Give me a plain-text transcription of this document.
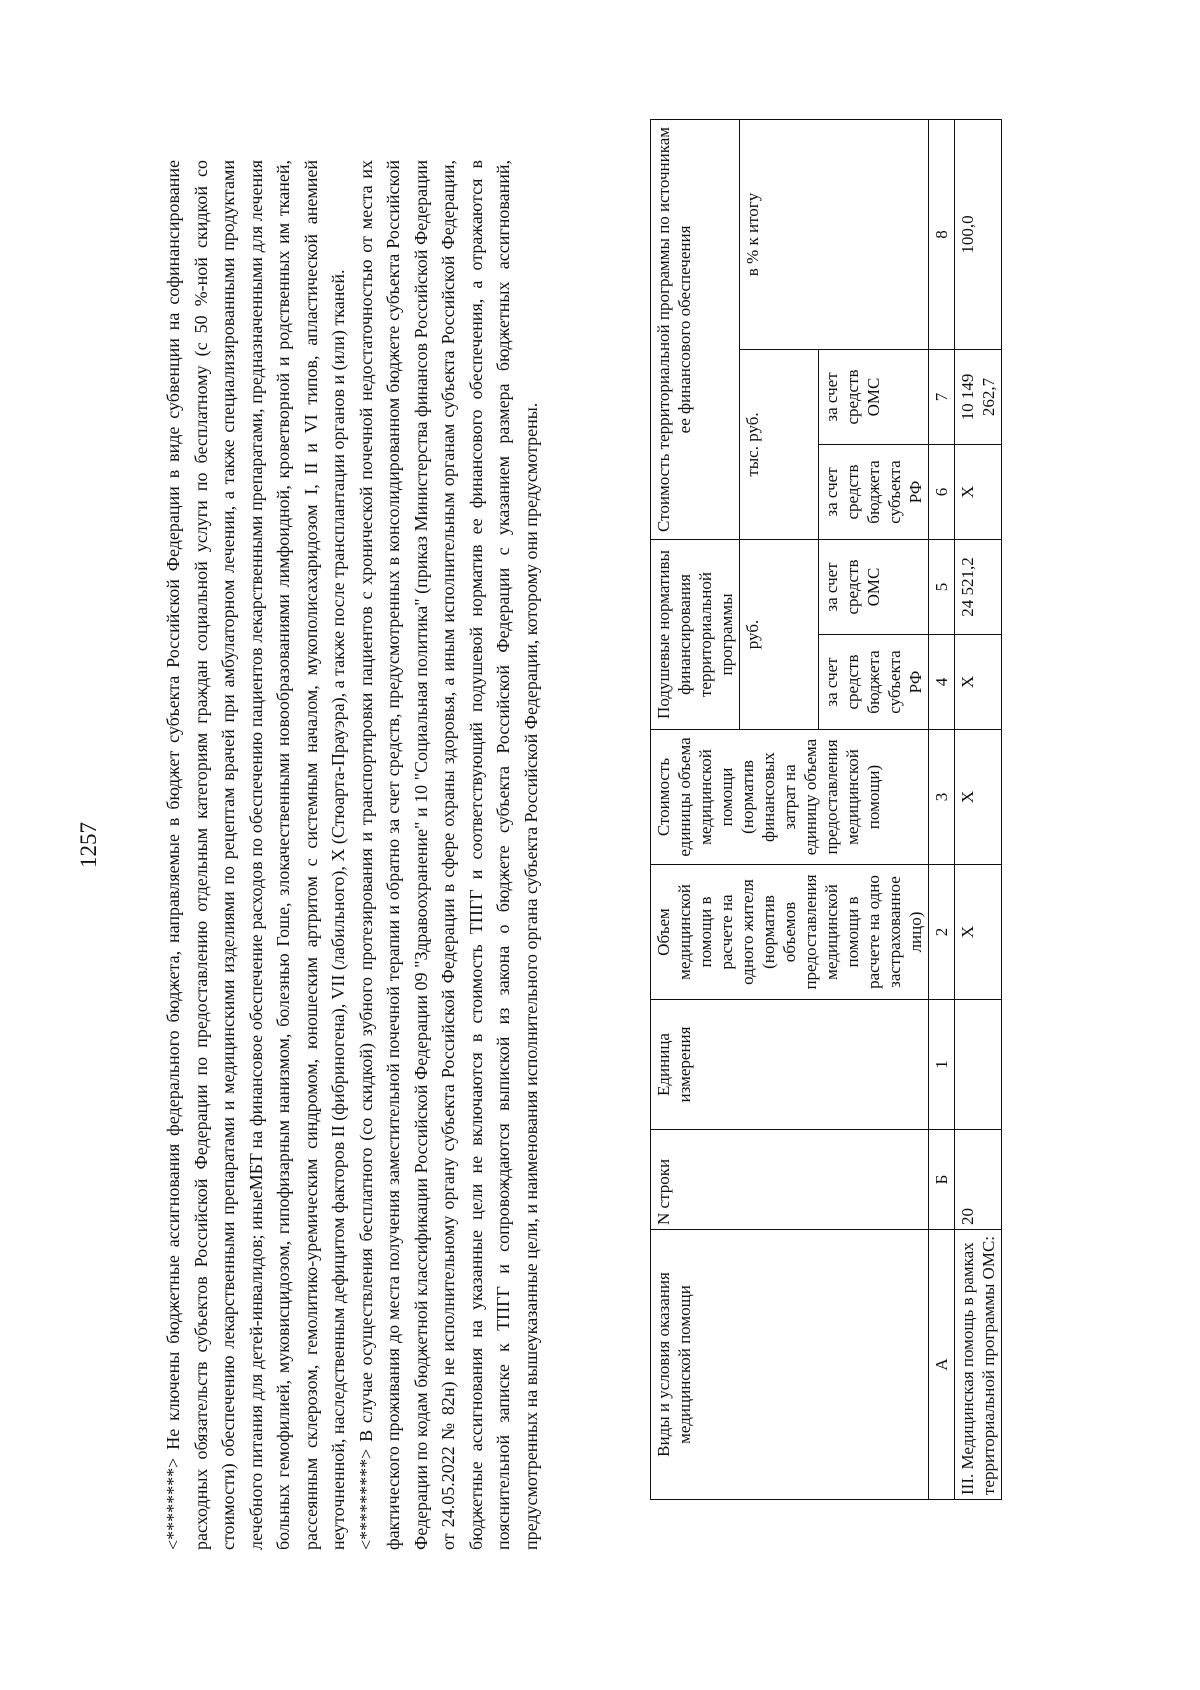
1257	<********> Не ключены бюджетные ассигнования федерального бюджета, направляемые в бюджет субъекта Российской Федерации в виде субвенции на софинансирование расходных обязательств субъектов Российской Федерации по предоставлению отдельным категориям граждан социальной услуги по бесплатному (с 50 %-ной скидкой со стоимости) обеспечению лекарственными препаратами и медицинскими изделиями по рецептам врачей при амбулаторном лечении, а также специализированными продуктами лечебного питания для детей-инвалидов; иныеМБТ на финансовое обеспечение расходов по обеспечению пациентов лекарственными препаратами, предназначенными для лечения больных гемофилией, муковисцидозом, гипофизарным нанизмом, болезнью Гоше, злокачественными новообразованиями лимфоидной, кроветворной и родственных им тканей, рассеянным склерозом, гемолитико-уремическим синдромом, юношеским артритом с системным началом, мукополисахаридозом I, II и VI типов, апластической анемией неуточненной, наследственным дефицитом факторов II (фибриногена), VII (лабильного), X (Стюарта-Прауэра), а также после трансплантации органов и (или) тканей. <*********> В случае осуществления бесплатного (со скидкой) зубного протезирования и транспортировки пациентов с хронической почечной недостаточностью от места их фактического проживания до места получения заместительной почечной терапии и обратно за счет средств, предусмотренных в консолидированном бюджете субъекта Российской Федерации по кодам бюджетной классификации Российской Федерации 09 "Здравоохранение" и 10 "Социальная политика" (приказ Министерства финансов Российской Федерации от 24.05.2022 № 82н) не исполнительному органу субъекта Российской Федерации в сфере охраны здоровья, а иным исполнительным органам субъекта Российской Федерации, бюджетные ассигнования на указанные цели не включаются в стоимость ТПГГ и соответствующий подушевой норматив ее финансового обеспечения, а отражаются в пояснительной записке к ТПГГ и сопровождаются выпиской из закона о бюджете субъекта Российской Федерации с указанием размера бюджетных ассигнований, предусмотренных на вышеуказанные цели, и наименования исполнительного органа субъекта Российской Федерации, которому они предусмотрены.	Виды и условия оказания медицинской помощи	N строки	Единица измерения	Объем медицинской помощи в расчете на одного жителя (норматив объемов предоставления медицинской помощи в расчете на одно застрахованное лицо)	Стоимость единицы объема медицинской помощи (норматив финансовых затрат на единицу объема предоставления медицинской помощи)	Подушевые нормативы финансирования территориальной программы		Стоимость территориальной программы по источникам ее финансового обеспечения		
					руб.		тыс. руб.		в % к итогу
					за счет средств бюджета субъекта РФ	за счет средств ОМС	за счет средств бюджета субъекта РФ	за счет средств ОМС	
А	Б	1	2	3	4	5	6	7	8
III. Медицинская помощь в рамках территориальной программы ОМС:	20		Х	Х	Х	24 521,2	Х	10 149 262,7	100,0
